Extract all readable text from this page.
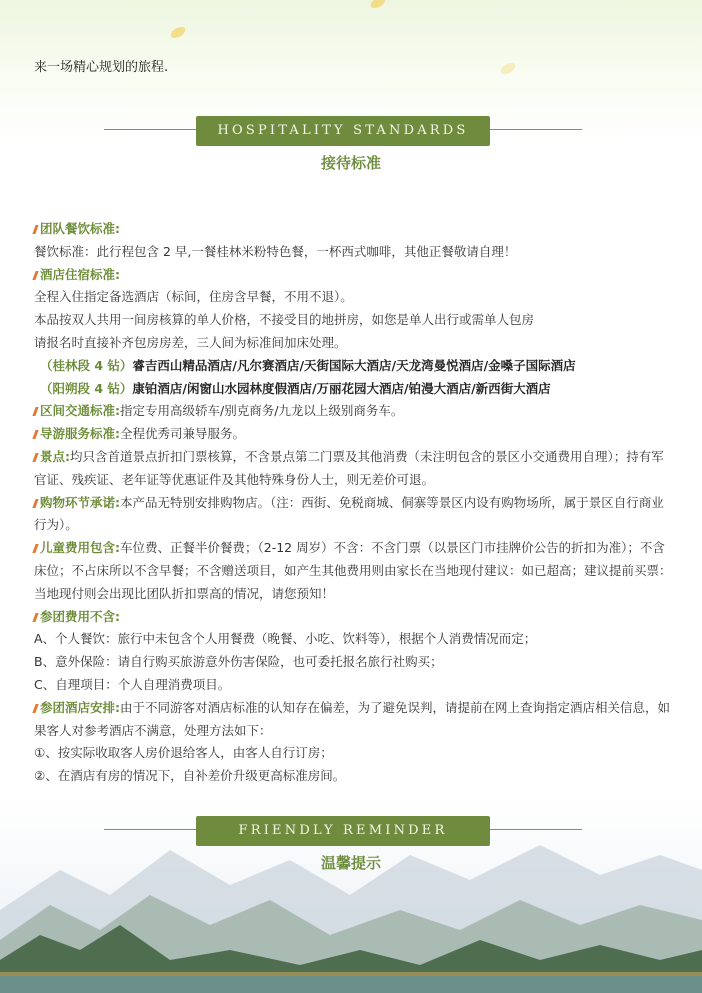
来一场精心规划的旅程.
HOSPITALITY STANDARDS
接待标准

团队餐饮标准:

餐饮标准：此行程包含 2 早,一餐桂林米粉特色餐，一杯西式咖啡，其他正餐敬请自理！

酒店住宿标准:

全程入住指定备选酒店（标间，住房含早餐，不用不退）。

本品按双人共用一间房核算的单人价格，不接受目的地拼房，如您是单人出行或需单人包房

请报名时直接补齐包房房差，三人间为标准间加床处理。

（桂林段 4 钻）睿吉西山精品酒店/凡尔赛酒店/天街国际大酒店/天龙湾曼悦酒店/金嗓子国际酒店

（阳朔段 4 钻）康铂酒店/闲窗山水园林度假酒店/万丽花园大酒店/铂漫大酒店/新西街大酒店

区间交通标准:指定专用高级轿车/别克商务/九龙以上级别商务车。

导游服务标准:全程优秀司兼导服务。

景点:均只含首道景点折扣门票核算，不含景点第二门票及其他消费（未注明包含的景区小交通费用自理）；持有军官证、残疾证、老年证等优惠证件及其他特殊身份人士，则无差价可退。

购物环节承诺:本产品无特别安排购物店。（注：西街、免税商城、侗寨等景区内设有购物场所，属于景区自行商业行为）。

儿童费用包含:车位费、正餐半价餐费；（2-12 周岁）不含：不含门票（以景区门市挂牌价公告的折扣为准）；不含床位；不占床所以不含早餐；不含赠送项目，如产生其他费用则由家长在当地现付建议：如已超高；建议提前买票：当地现付则会出现比团队折扣票高的情况，请您预知！

参团费用不含:

A、个人餐饮：旅行中未包含个人用餐费（晚餐、小吃、饮料等），根据个人消费情况而定；

B、意外保险：请自行购买旅游意外伤害保险，也可委托报名旅行社购买；

C、自理项目：个人自理消费项目。

参团酒店安排:由于不同游客对酒店标准的认知存在偏差，为了避免误判，请提前在网上查询指定酒店相关信息，如果客人对参考酒店不满意，处理方法如下：

①、按实际收取客人房价退给客人，由客人自行订房；

②、在酒店有房的情况下，自补差价升级更高标准房间。

FRIENDLY REMINDER
温馨提示
